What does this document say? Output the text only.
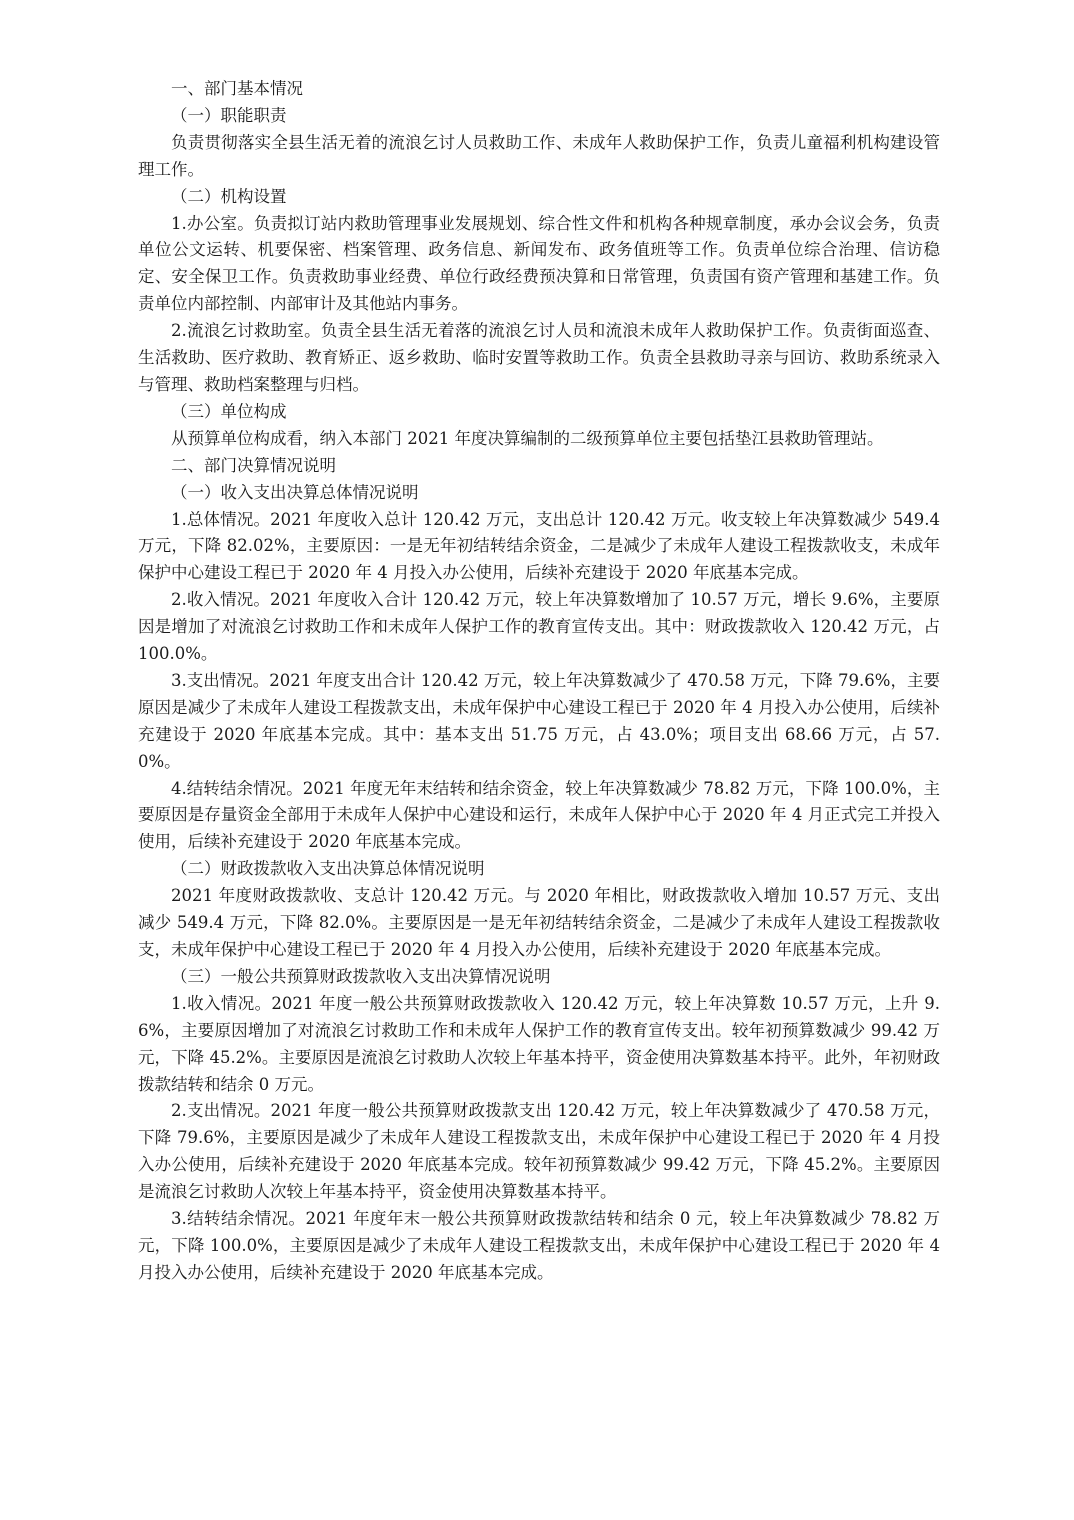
一、部门基本情况

（一）职能职责

负责贯彻落实全县生活无着的流浪乞讨人员救助工作、未成年人救助保护工作，负责儿童福利机构建设管理工作。

（二）机构设置

1.办公室。负责拟订站内救助管理事业发展规划、综合性文件和机构各种规章制度，承办会议会务，负责单位公文运转、机要保密、档案管理、政务信息、新闻发布、政务值班等工作。负责单位综合治理、信访稳定、安全保卫工作。负责救助事业经费、单位行政经费预决算和日常管理，负责国有资产管理和基建工作。负责单位内部控制、内部审计及其他站内事务。

2.流浪乞讨救助室。负责全县生活无着落的流浪乞讨人员和流浪未成年人救助保护工作。负责街面巡查、生活救助、医疗救助、教育矫正、返乡救助、临时安置等救助工作。负责全县救助寻亲与回访、救助系统录入与管理、救助档案整理与归档。

（三）单位构成

从预算单位构成看，纳入本部门 2021 年度决算编制的二级预算单位主要包括垫江县救助管理站。

二、部门决算情况说明

（一）收入支出决算总体情况说明

1.总体情况。2021 年度收入总计 120.42 万元，支出总计 120.42 万元。收支较上年决算数减少 549.4 万元，下降 82.02%，主要原因：一是无年初结转结余资金，二是减少了未成年人建设工程拨款收支，未成年保护中心建设工程已于 2020 年 4 月投入办公使用，后续补充建设于 2020 年底基本完成。

2.收入情况。2021 年度收入合计 120.42 万元，较上年决算数增加了 10.57 万元，增长 9.6%，主要原因是增加了对流浪乞讨救助工作和未成年人保护工作的教育宣传支出。其中：财政拨款收入 120.42 万元，占 100.0%。

3.支出情况。2021 年度支出合计 120.42 万元，较上年决算数减少了 470.58 万元，下降 79.6%，主要原因是减少了未成年人建设工程拨款支出，未成年保护中心建设工程已于 2020 年 4 月投入办公使用，后续补充建设于 2020 年底基本完成。其中：基本支出 51.75 万元，占 43.0%；项目支出 68.66 万元，占 57.0%。

4.结转结余情况。2021 年度无年末结转和结余资金，较上年决算数减少 78.82 万元，下降 100.0%，主要原因是存量资金全部用于未成年人保护中心建设和运行，未成年人保护中心于 2020 年 4 月正式完工并投入使用，后续补充建设于 2020 年底基本完成。

（二）财政拨款收入支出决算总体情况说明

2021 年度财政拨款收、支总计 120.42 万元。与 2020 年相比，财政拨款收入增加 10.57 万元、支出减少 549.4 万元，下降 82.0%。主要原因是一是无年初结转结余资金，二是减少了未成年人建设工程拨款收支，未成年保护中心建设工程已于 2020 年 4 月投入办公使用，后续补充建设于 2020 年底基本完成。

（三）一般公共预算财政拨款收入支出决算情况说明

1.收入情况。2021 年度一般公共预算财政拨款收入 120.42 万元，较上年决算数 10.57 万元，上升 9.6%，主要原因增加了对流浪乞讨救助工作和未成年人保护工作的教育宣传支出。较年初预算数减少 99.42 万元，下降 45.2%。主要原因是流浪乞讨救助人次较上年基本持平，资金使用决算数基本持平。此外，年初财政拨款结转和结余 0 万元。

2.支出情况。2021 年度一般公共预算财政拨款支出 120.42 万元，较上年决算数减少了 470.58 万元，下降 79.6%，主要原因是减少了未成年人建设工程拨款支出，未成年保护中心建设工程已于 2020 年 4 月投入办公使用，后续补充建设于 2020 年底基本完成。较年初预算数减少 99.42 万元，下降 45.2%。主要原因是流浪乞讨救助人次较上年基本持平，资金使用决算数基本持平。

3.结转结余情况。2021 年度年末一般公共预算财政拨款结转和结余 0 元，较上年决算数减少 78.82 万元，下降 100.0%，主要原因是减少了未成年人建设工程拨款支出，未成年保护中心建设工程已于 2020 年 4 月投入办公使用，后续补充建设于 2020 年底基本完成。
